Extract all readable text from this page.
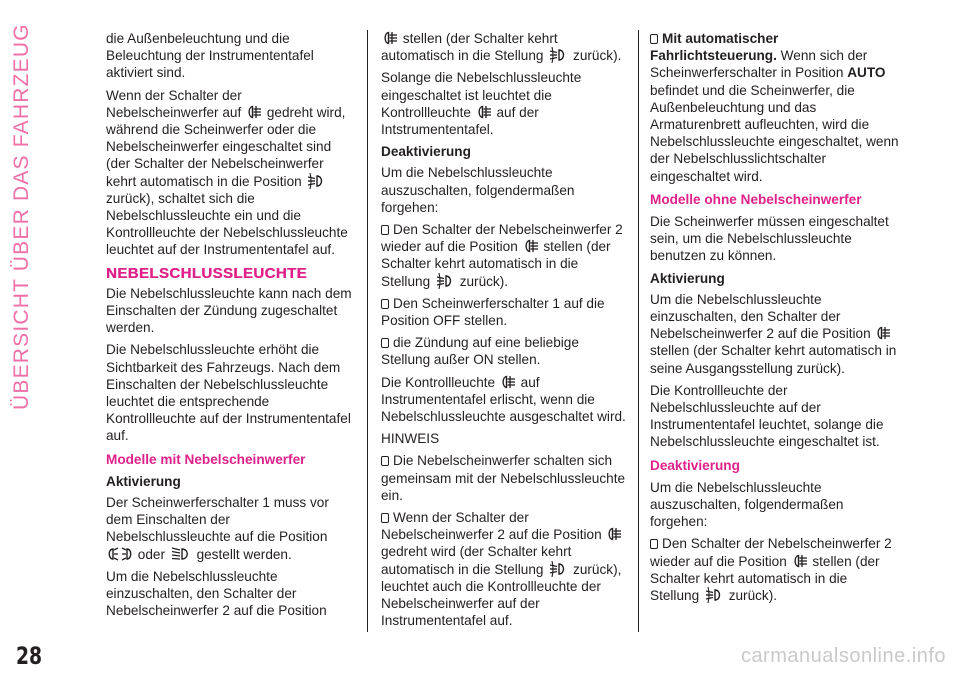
ÜBERSICHT ÜBER DAS FAHRZEUG
28

die Außenbeleuchtung und die Beleuchtung der Instrumententafel aktiviert sind.

Wenn der Schalter der Nebelscheinwerfer auf gedreht wird, während die Scheinwerfer oder die Nebelscheinwerfer eingeschaltet sind (der Schalter der Nebelscheinwerfer kehrt automatisch in die Position  zurück), schaltet sich die Nebelschlussleuchte ein und die Kontrollleuchte der Nebelschlussleuchte leuchtet auf der Instrumententafel auf.

NEBELSCHLUSSLEUCHTE

Die Nebelschlussleuchte kann nach dem Einschalten der Zündung zugeschaltet werden.

Die Nebelschlussleuchte erhöht die Sichtbarkeit des Fahrzeugs. Nach dem Einschalten der Nebelschlussleuchte leuchtet die entsprechende Kontrollleuchte auf der Instrumententafel auf.

Modelle mit Nebelscheinwerfer
Aktivierung

Der Scheinwerferschalter 1 muss vor dem Einschalten der Nebelschlussleuchte auf die Position  oder gestellt werden.

Um die Nebelschlussleuchte einzuschalten, den Schalter der Nebelscheinwerfer 2 auf die Position

stellen (der Schalter kehrt automatisch in die Stellung zurück).

Solange die Nebelschlussleuchte eingeschaltet ist leuchtet die Kontrollleuchte auf der Intstrumententafel.

Deaktivierung

Um die Nebelschlussleuchte auszuschalten, folgendermaßen forgehen:

Den Schalter der Nebelscheinwerfer 2 wieder auf die Position stellen (der Schalter kehrt automatisch in die Stellung zurück).

Den Scheinwerferschalter 1 auf die Position OFF stellen.

die Zündung auf eine beliebige Stellung außer ON stellen.

Die Kontrollleuchte auf Instrumententafel erlischt, wenn die Nebelschlussleuchte ausgeschaltet wird.

HINWEIS

Die Nebelscheinwerfer schalten sich gemeinsam mit der Nebelschlussleuchte ein.

Wenn der Schalter der Nebelscheinwerfer 2 auf die Position  gedreht wird (der Schalter kehrt automatisch in die Stellung zurück), leuchtet auch die Kontrollleuchte der Nebelscheinwerfer auf der Instrumententafel auf.

Mit automatischer Fahrlichtsteuerung. Wenn sich der Scheinwerferschalter in Position AUTO befindet und die Scheinwerfer, die Außenbeleuchtung und das Armaturenbrett aufleuchten, wird die Nebelschlussleuchte eingeschaltet, wenn der Nebelschlusslichtschalter eingeschaltet wird.

Modelle ohne Nebelscheinwerfer

Die Scheinwerfer müssen eingeschaltet sein, um die Nebelschlussleuchte benutzen zu können.

Aktivierung

Um die Nebelschlussleuchte einzuschalten, den Schalter der Nebelscheinwerfer 2 auf die Position  stellen (der Schalter kehrt automatisch in seine Ausgangsstellung zurück).

Die Kontrollleuchte der Nebelschlussleuchte auf der Instrumententafel leuchtet, solange die Nebelschlussleuchte eingeschaltet ist.

Deaktivierung

Um die Nebelschlussleuchte auszuschalten, folgendermaßen forgehen:

Den Schalter der Nebelscheinwerfer 2 wieder auf die Position stellen (der Schalter kehrt automatisch in die Stellung zurück).

carmanualsonline.info
